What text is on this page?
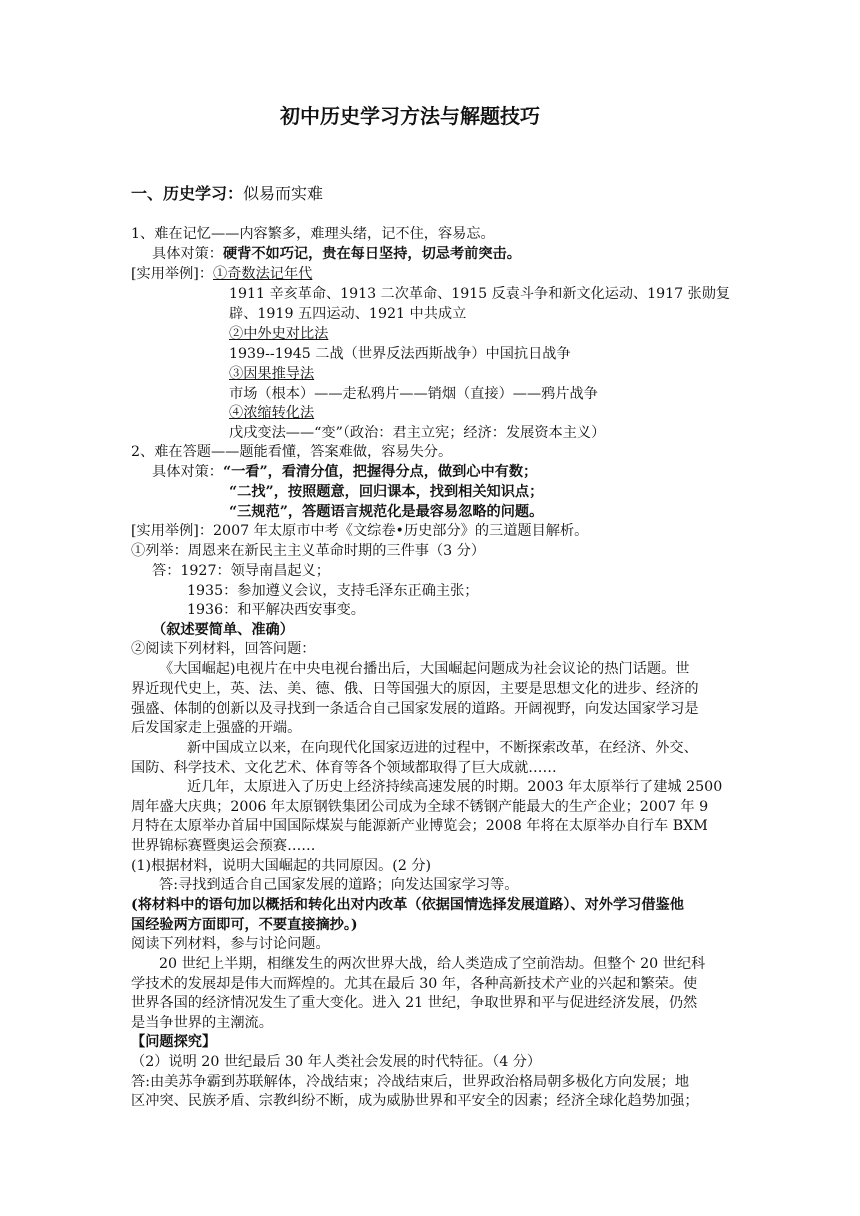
初中历史学习方法与解题技巧
一、历史学习：似易而实难
1、难在记忆——内容繁多，难理头绪，记不住，容易忘。
具体对策：硬背不如巧记，贵在每日坚持，切忌考前突击。
[实用举例]：①奇数法记年代
1911 辛亥革命、1913 二次革命、1915 反袁斗争和新文化运动、1917 张勋复
辟、1919 五四运动、1921 中共成立
②中外史对比法
1939--1945 二战（世界反法西斯战争）中国抗日战争
③因果推导法
市场（根本）——走私鸦片——销烟（直接）——鸦片战争
④浓缩转化法
戊戌变法——“变”（政治：君主立宪；经济：发展资本主义）
2、难在答题——题能看懂，答案难做，容易失分。
具体对策：“一看”，看清分值，把握得分点，做到心中有数；
“二找”，按照题意，回归课本，找到相关知识点；
“三规范”，答题语言规范化是最容易忽略的问题。
[实用举例]：2007 年太原市中考《文综卷•历史部分》的三道题目解析。
①列举：周恩来在新民主主义革命时期的三件事（3 分）
答：1927：领导南昌起义；
1935：参加遵义会议，支持毛泽东正确主张；
1936：和平解决西安事变。
（叙述要简单、准确）
②阅读下列材料，回答问题：
《大国崛起)电视片在中央电视台播出后，大国崛起问题成为社会议论的热门话题。世
界近现代史上，英、法、美、德、俄、日等国强大的原因，主要是思想文化的进步、经济的
强盛、体制的创新以及寻找到一条适合自己国家发展的道路。开阔视野，向发达国家学习是
后发国家走上强盛的开端。
新中国成立以来，在向现代化国家迈进的过程中，不断探索改革，在经济、外交、
国防、科学技术、文化艺术、体育等各个领域都取得了巨大成就……
近几年，太原进入了历史上经济持续高速发展的时期。2003 年太原举行了建城 2500
周年盛大庆典；2006 年太原钢铁集团公司成为全球不锈钢产能最大的生产企业；2007 年 9
月特在太原举办首届中国国际煤炭与能源新产业博览会；2008 年将在太原举办自行车 BXM
世界锦标赛暨奥运会预赛……
(1)根据材料，说明大国崛起的共同原因。(2 分)
答:寻找到适合自己国家发展的道路；向发达国家学习等。
(将材料中的语句加以概括和转化出对内改革（依据国情选择发展道路）、对外学习借鉴他
国经验两方面即可，不要直接摘抄。)
阅读下列材料，参与讨论问题。
20 世纪上半期，相继发生的两次世界大战，给人类造成了空前浩劫。但整个 20 世纪科
学技术的发展却是伟大而辉煌的。尤其在最后 30 年，各种高新技术产业的兴起和繁荣。使
世界各国的经济情况发生了重大变化。进入 21 世纪，争取世界和平与促进经济发展，仍然
是当争世界的主潮流。
【问题探究】
（2）说明 20 世纪最后 30 年人类社会发展的时代特征。（4 分）
答:由美苏争霸到苏联解体，冷战结束；冷战结束后，世界政治格局朝多极化方向发展；地
区冲突、民族矛盾、宗教纠纷不断，成为威胁世界和平安全的因素；经济全球化趋势加强；
